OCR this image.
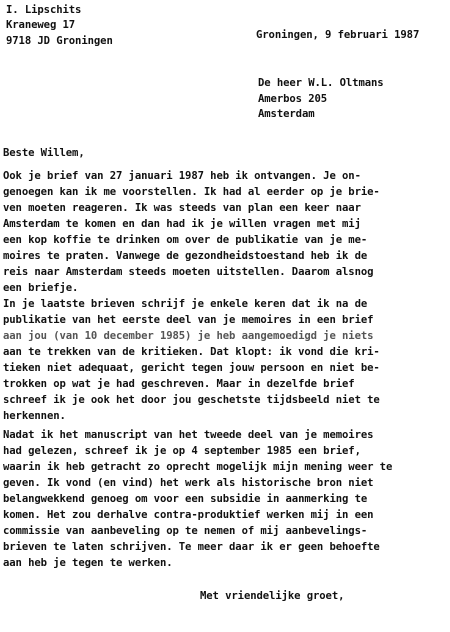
I. Lipschits
Kraneweg 17
9718 JD Groningen	Groningen, 9 februari 1987
De heer W.L. Oltmans
Amerbos 205
Amsterdam
Beste Willem,
Ook je brief van 27 januari 1987 heb ik ontvangen. Je on-
genoegen kan ik me voorstellen. Ik had al eerder op je brie-
ven moeten reageren. Ik was steeds van plan een keer naar
Amsterdam te komen en dan had ik je willen vragen met mij
een kop koffie te drinken om over de publikatie van je me-
moires te praten. Vanwege de gezondheidstoestand heb ik de
reis naar Amsterdam steeds moeten uitstellen. Daarom alsnog
een briefje.
In je laatste brieven schrijf je enkele keren dat ik na de
publikatie van het eerste deel van je memoires in een brief
aan jou (van 10 december 1985) je heb aangemoedigd je niets
aan te trekken van de kritieken. Dat klopt: ik vond die kri-
tieken niet adequaat, gericht tegen jouw persoon en niet be-
trokken op wat je had geschreven. Maar in dezelfde brief
schreef ik je ook het door jou geschetste tijdsbeeld niet te
herkennen.
Nadat ik het manuscript van het tweede deel van je memoires
had gelezen, schreef ik je op 4 september 1985 een brief,
waarin ik heb getracht zo oprecht mogelijk mijn mening weer te
geven. Ik vond (en vind) het werk als historische bron niet
belangwekkend genoeg om voor een subsidie in aanmerking te
komen. Het zou derhalve contra-produktief werken mij in een
commissie van aanbeveling op te nemen of mij aanbevelings-
brieven te laten schrijven. Te meer daar ik er geen behoefte
aan heb je tegen te werken.
Met vriendelijke groet,
